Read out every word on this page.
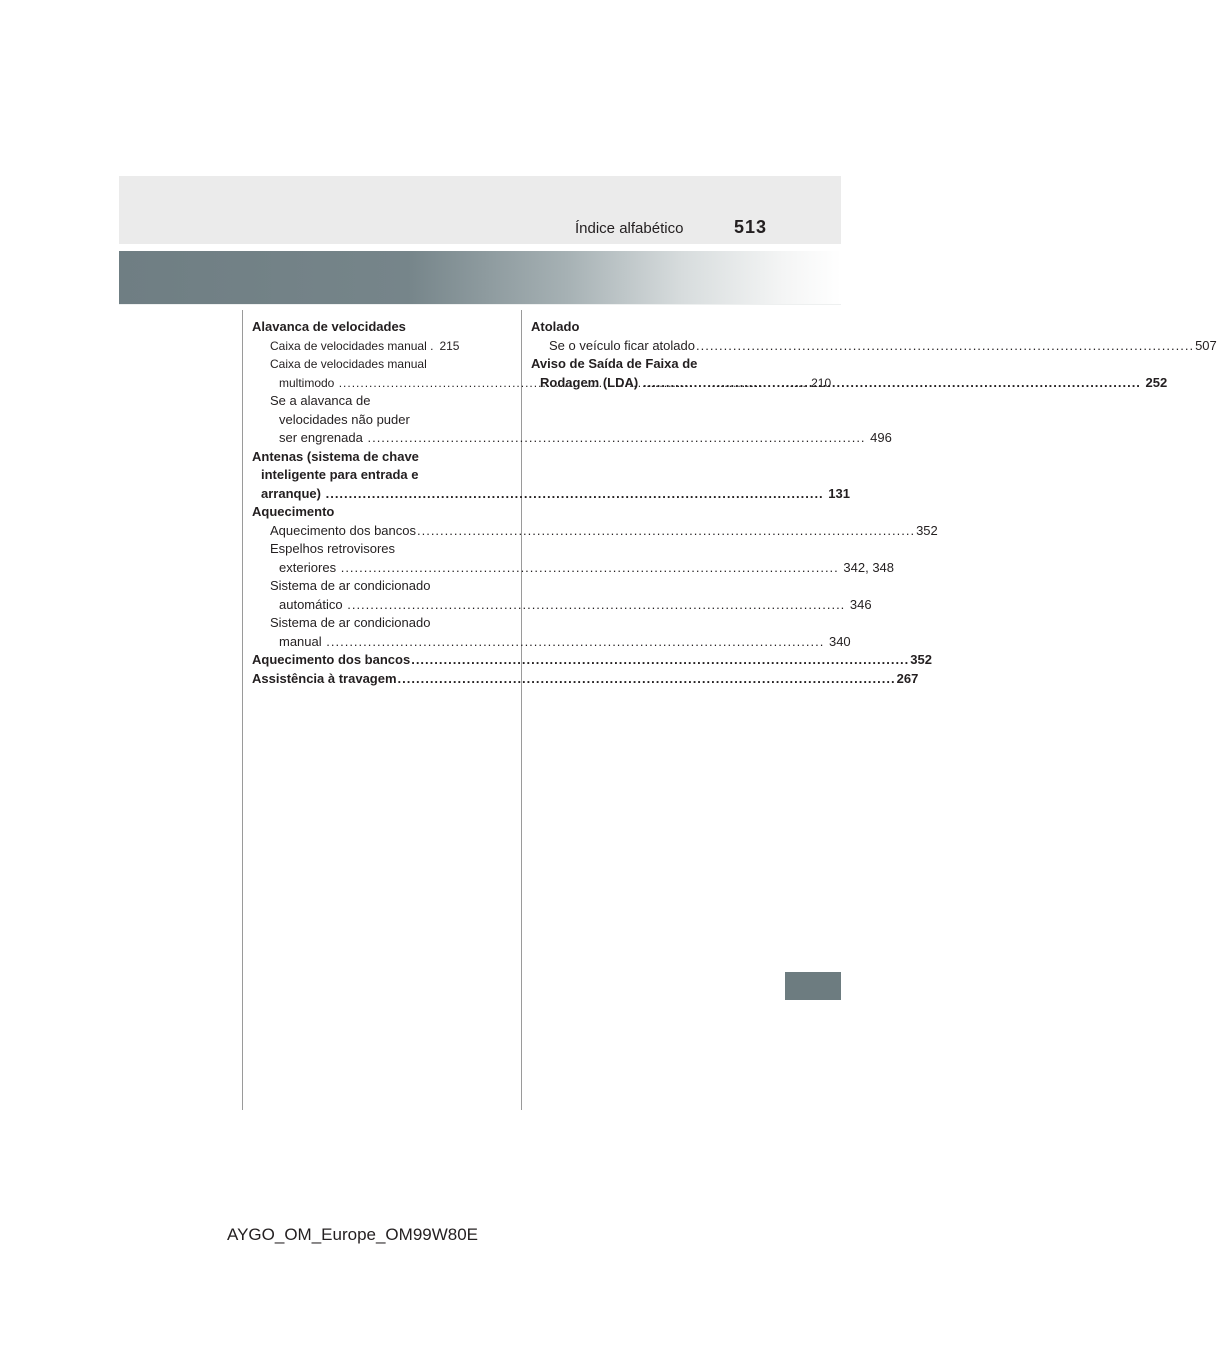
Índice alfabético	513
Alavanca de velocidades
Caixa de velocidades manual . 215
Caixa de velocidades manual
multimodo .....	210
Se a alavanca de
velocidades não puder
ser engrenada .....	496
Antenas (sistema de chave
inteligente para entrada e
arranque) .....	131
Aquecimento
Aquecimento dos bancos .....	352
Espelhos retrovisores
exteriores .....	342, 348
Sistema de ar condicionado
automático .....	346
Sistema de ar condicionado
manual .....	340
Aquecimento dos bancos .....	352
Assistência à travagem .....	267
Atolado
Se o veículo ficar atolado .....	507
Aviso de Saída de Faixa de
Rodagem (LDA) .....	252
AYGO_OM_Europe_OM99W80E
